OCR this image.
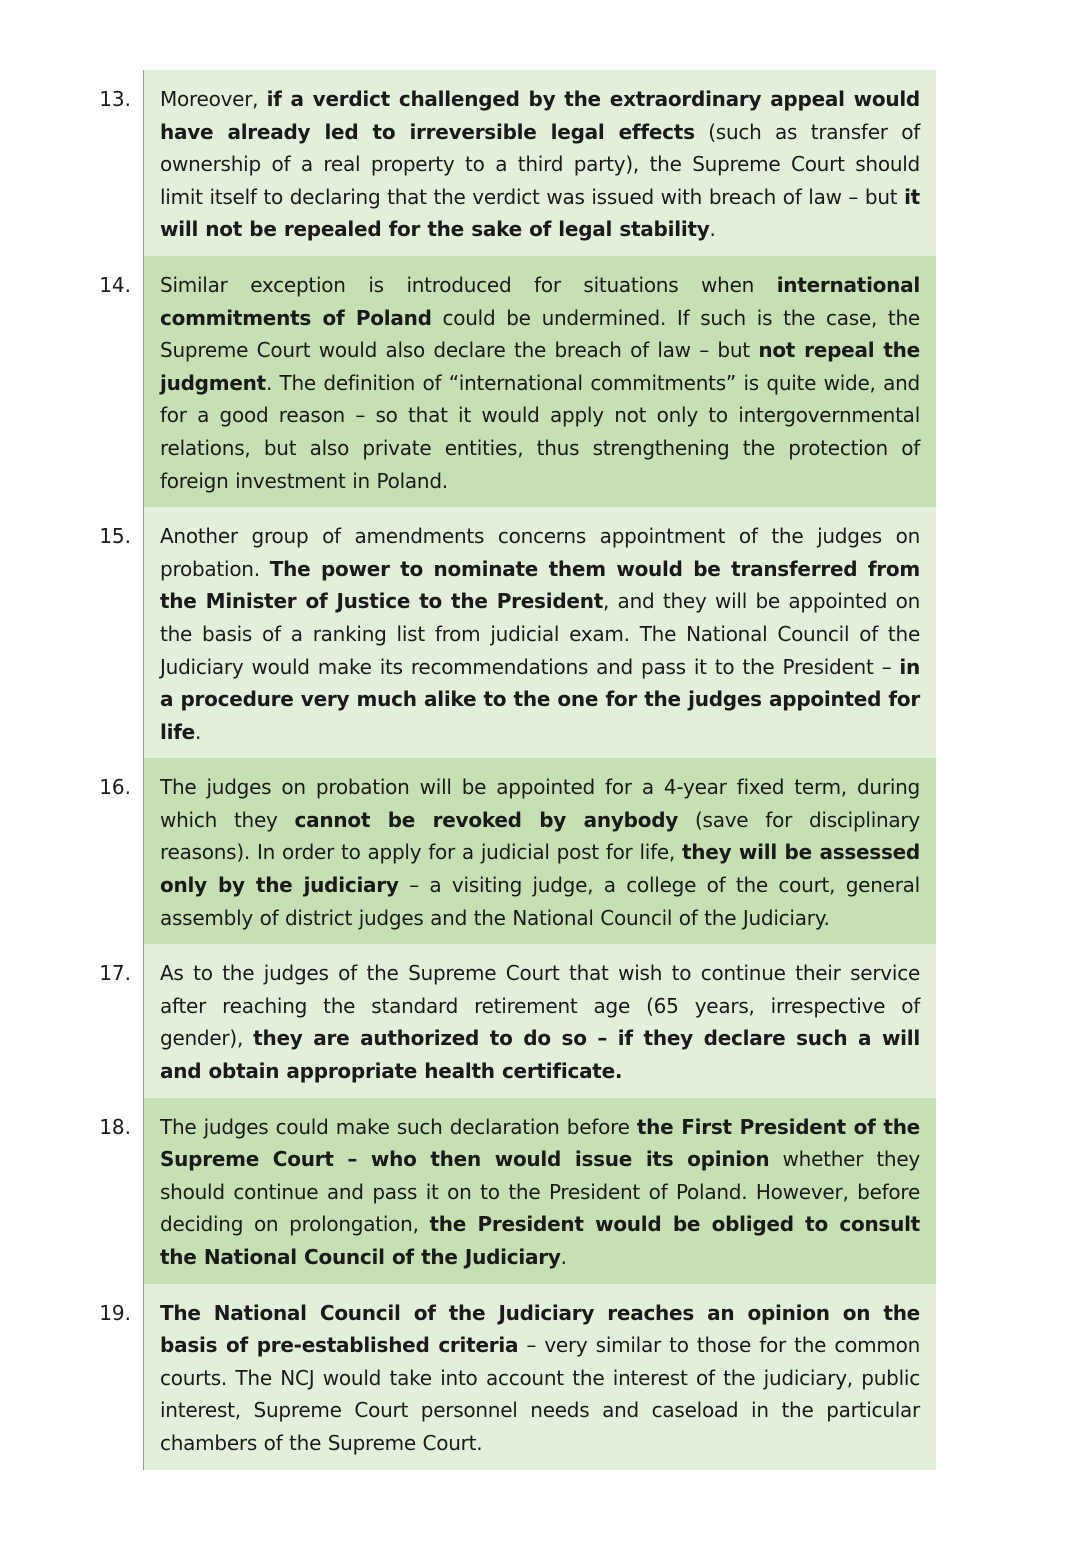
13.	Moreover, if a verdict challenged by the extraordinary appeal would have already led to irreversible legal effects (such as transfer of ownership of a real property to a third party), the Supreme Court should limit itself to declaring that the verdict was issued with breach of law – but it will not be repealed for the sake of legal stability.
14.	Similar exception is introduced for situations when international commitments of Poland could be undermined. If such is the case, the Supreme Court would also declare the breach of law – but not repeal the judgment. The definition of “international commitments” is quite wide, and for a good reason – so that it would apply not only to intergovernmental relations, but also private entities, thus strengthening the protection of foreign investment in Poland.
15.	Another group of amendments concerns appointment of the judges on probation. The power to nominate them would be transferred from the Minister of Justice to the President, and they will be appointed on the basis of a ranking list from judicial exam. The National Council of the Judiciary would make its recommendations and pass it to the President – in a procedure very much alike to the one for the judges appointed for life.
16.	The judges on probation will be appointed for a 4-year fixed term, during which they cannot be revoked by anybody (save for disciplinary reasons). In order to apply for a judicial post for life, they will be assessed only by the judiciary – a visiting judge, a college of the court, general assembly of district judges and the National Council of the Judiciary.
17.	As to the judges of the Supreme Court that wish to continue their service after reaching the standard retirement age (65 years, irrespective of gender), they are authorized to do so – if they declare such a will and obtain appropriate health certificate.
18.	The judges could make such declaration before the First President of the Supreme Court – who then would issue its opinion whether they should continue and pass it on to the President of Poland. However, before deciding on prolongation, the President would be obliged to consult the National Council of the Judiciary.
19.	The National Council of the Judiciary reaches an opinion on the basis of pre-established criteria – very similar to those for the common courts. The NCJ would take into account the interest of the judiciary, public interest, Supreme Court personnel needs and caseload in the particular chambers of the Supreme Court.
